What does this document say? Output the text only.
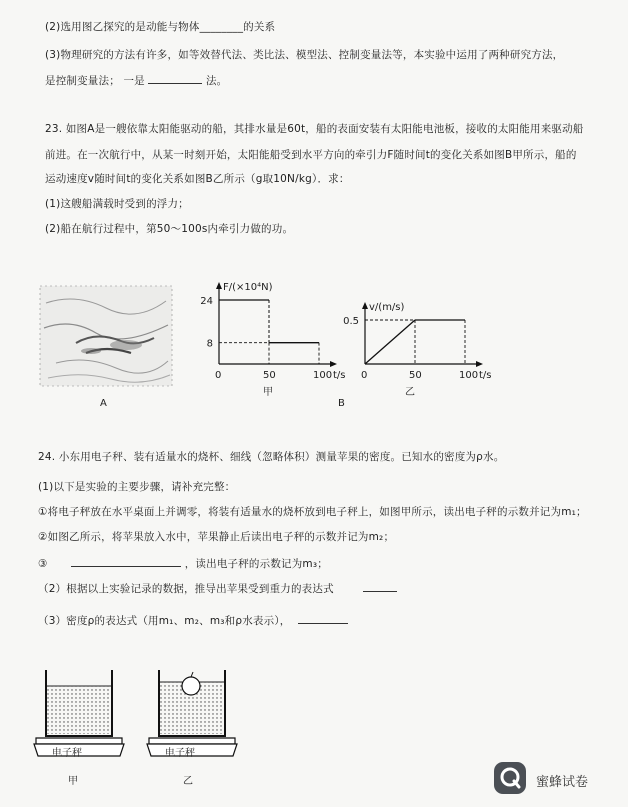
(2)选用图乙探究的是动能与物体________的关系
(3)物理研究的方法有许多，如等效替代法、类比法、模型法、控制变量法等，本实验中运用了两种研究方法，
是控制变量法； 一是	法。
23. 如图A是一艘依靠太阳能驱动的船，其排水量是60t，船的表面安装有太阳能电池板，接收的太阳能用来驱动船
前进。在一次航行中，从某一时刻开始，太阳能船受到水平方向的牵引力F随时间t的变化关系如图B甲所示，船的
运动速度v随时间t的变化关系如图B乙所示（g取10N/kg）．求：
(1)这艘船满载时受到的浮力；
(2)船在航行过程中，第50～100s内牵引力做的功。
A
F/(×10⁴N)
t/s
0	50	100
8
24
甲
v/(m/s)
t/s
0	50	100
0.5
乙
B
24. 小东用电子秤、装有适量水的烧杯、细线（忽略体积）测量苹果的密度。已知水的密度为ρ水。
(1)以下是实验的主要步骤，请补充完整：
①将电子秤放在水平桌面上并调零，将装有适量水的烧杯放到电子秤上，如图甲所示，读出电子秤的示数并记为m₁；
②如图乙所示，将苹果放入水中，苹果静止后读出电子秤的示数并记为m₂；
③	，读出电子秤的示数记为m₃；
（2）根据以上实验记录的数据，推导出苹果受到重力的表达式
（3）密度ρ的表达式（用m₁、m₂、m₃和ρ水表示），
电子秤
甲
电子秤
乙	蜜蜂试卷
